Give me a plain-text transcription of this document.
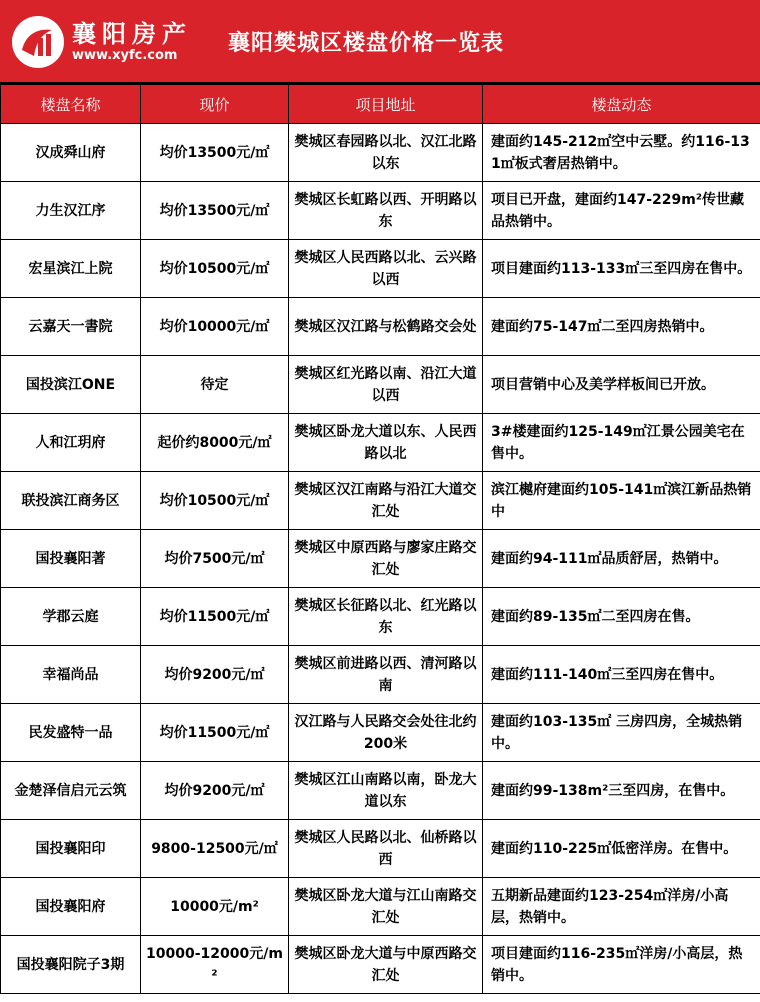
襄阳房产
www.xyfc.com 襄阳樊城区楼盘价格一览表
楼盘名称	现价	项目地址	楼盘动态
汉成舜山府	均价13500元/㎡	樊城区春园路以北、汉江北路以东	建面约145-212㎡空中云墅。约116-131㎡板式奢居热销中。
力生汉江序	均价13500元/㎡	樊城区长虹路以西、开明路以东	项目已开盘，建面约147-229m²传世藏品热销中。
宏星滨江上院	均价10500元/㎡	樊城区人民西路以北、云兴路以西	项目建面约113-133㎡三至四房在售中。
云嘉天一書院	均价10000元/㎡	樊城区汉江路与松鹤路交会处	建面约75-147㎡二至四房热销中。
国投滨江ONE	待定	樊城区红光路以南、沿江大道以西	项目营销中心及美学样板间已开放。
人和江玥府	起价约8000元/㎡	樊城区卧龙大道以东、人民西路以北	3#楼建面约125-149㎡江景公园美宅在售中。
联投滨江商务区	均价10500元/㎡	樊城区汉江南路与沿江大道交汇处	滨江樾府建面约105-141㎡滨江新品热销中
国投襄阳著	均价7500元/㎡	樊城区中原西路与廖家庄路交汇处	建面约94-111㎡品质舒居，热销中。
学郡云庭	均价11500元/㎡	樊城区长征路以北、红光路以东	建面约89-135㎡二至四房在售。
幸福尚品	均价9200元/㎡	樊城区前进路以西、清河路以南	建面约111-140㎡三至四房在售中。
民发盛特一品	均价11500元/㎡	汉江路与人民路交会处往北约200米	建面约103-135㎡ 三房四房，全城热销中。
金楚泽信启元云筑	均价9200元/㎡	樊城区江山南路以南，卧龙大道以东	建面约99-138m²三至四房，在售中。
国投襄阳印	9800-12500元/㎡	樊城区人民路以北、仙桥路以西	建面约110-225㎡低密洋房。在售中。
国投襄阳府	10000元/m²	樊城区卧龙大道与江山南路交汇处	五期新品建面约123-254㎡洋房/小高层，热销中。
国投襄阳院子3期	10000-12000元/m²	樊城区卧龙大道与中原西路交汇处	项目建面约116-235㎡洋房/小高层，热销中。
